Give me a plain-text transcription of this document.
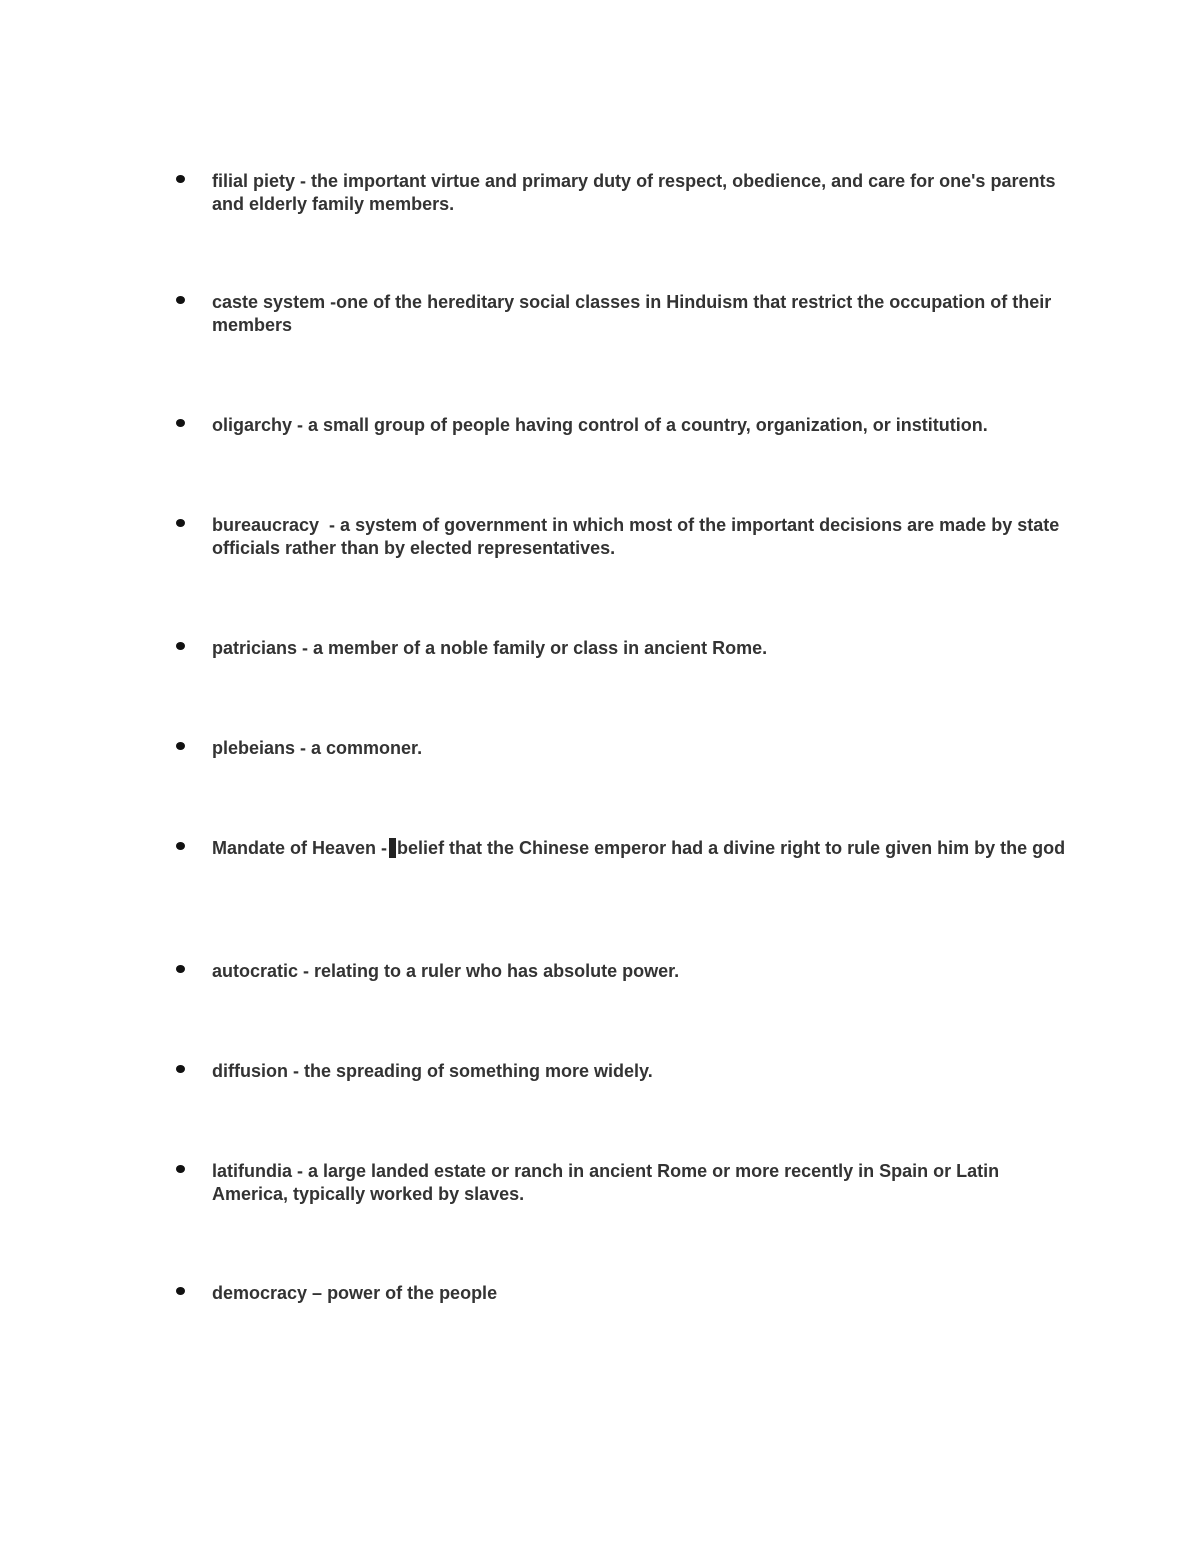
filial piety - the important virtue and primary duty of respect, obedience, and care for one's parents and elderly family members.
caste system -one of the hereditary social classes in Hinduism that restrict the occupation of their members
oligarchy - a small group of people having control of a country, organization, or institution.
bureaucracy  - a system of government in which most of the important decisions are made by state officials rather than by elected representatives.
patricians - a member of a noble family or class in ancient Rome.
plebeians - a commoner.
Mandate of Heaven - belief that the Chinese emperor had a divine right to rule given him by the god
autocratic - relating to a ruler who has absolute power.
diffusion - the spreading of something more widely.
latifundia - a large landed estate or ranch in ancient Rome or more recently in Spain or Latin America, typically worked by slaves.
democracy – power of the people
